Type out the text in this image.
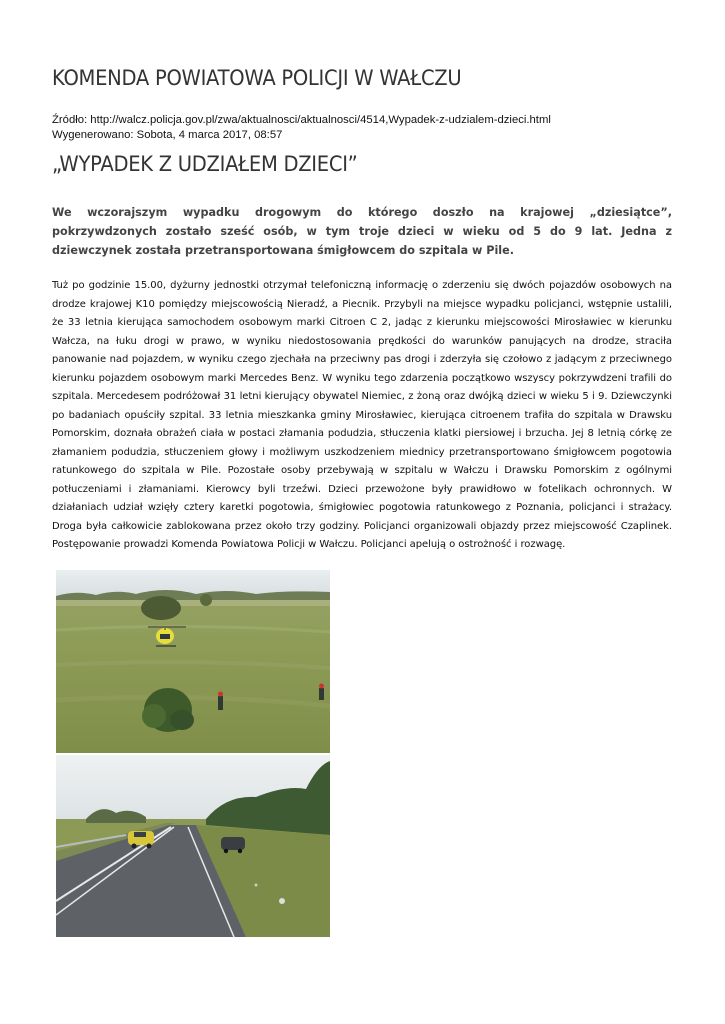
KOMENDA POWIATOWA POLICJI W WAŁCZU
Źródło: http://walcz.policja.gov.pl/zwa/aktualnosci/aktualnosci/4514,Wypadek-z-udzialem-dzieci.html
Wygenerowano: Sobota, 4 marca 2017, 08:57
„WYPADEK Z UDZIAŁEM DZIECI”

We wczorajszym wypadku drogowym do którego doszło na krajowej „dziesiątce”, pokrzywdzonych zostało sześć osób, w tym troje dzieci w wieku od 5 do 9 lat. Jedna z dziewczynek została przetransportowana śmigłowcem do szpitala w Pile.

Tuż po godzinie 15.00, dyżurny jednostki otrzymał telefoniczną informację o zderzeniu się dwóch pojazdów osobowych na drodze krajowej K10 pomiędzy miejscowością Nieradź, a Piecnik. Przybyli na miejsce wypadku policjanci, wstępnie ustalili, że 33 letnia kierująca samochodem osobowym marki Citroen C 2, jadąc z kierunku miejscowości Mirosławiec w kierunku Wałcza, na łuku drogi w prawo, w wyniku niedostosowania prędkości do warunków panujących na drodze, straciła panowanie nad pojazdem, w wyniku czego zjechała na przeciwny pas drogi i zderzyła się czołowo z jadącym z przeciwnego kierunku pojazdem osobowym marki Mercedes Benz. W wyniku tego zdarzenia początkowo wszyscy pokrzywdzeni trafili do szpitala. Mercedesem podróżował 31 letni kierujący obywatel Niemiec, z żoną oraz dwójką dzieci w wieku 5 i 9. Dziewczynki po badaniach opuściły szpital. 33 letnia mieszkanka gminy Mirosławiec, kierująca citroenem trafiła do szpitala w Drawsku Pomorskim, doznała obrażeń ciała w postaci złamania podudzia, stłuczenia klatki piersiowej i brzucha. Jej 8 letnią córkę ze złamaniem podudzia, stłuczeniem głowy i możliwym uszkodzeniem miednicy przetransportowano śmigłowcem pogotowia ratunkowego do szpitala w Pile. Pozostałe osoby przebywają w szpitalu w Wałczu i Drawsku Pomorskim z ogólnymi potłuczeniami i złamaniami. Kierowcy byli trzeźwi. Dzieci przewożone były prawidłowo w fotelikach ochronnych. W działaniach udział wzięły cztery karetki pogotowia, śmigłowiec pogotowia ratunkowego z Poznania, policjanci i strażacy. Droga była całkowicie zablokowana przez około trzy godziny. Policjanci organizowali objazdy przez miejscowość Czaplinek. Postępowanie prowadzi Komenda Powiatowa Policji w Wałczu. Policjanci apelują o ostrożność i rozwagę.
